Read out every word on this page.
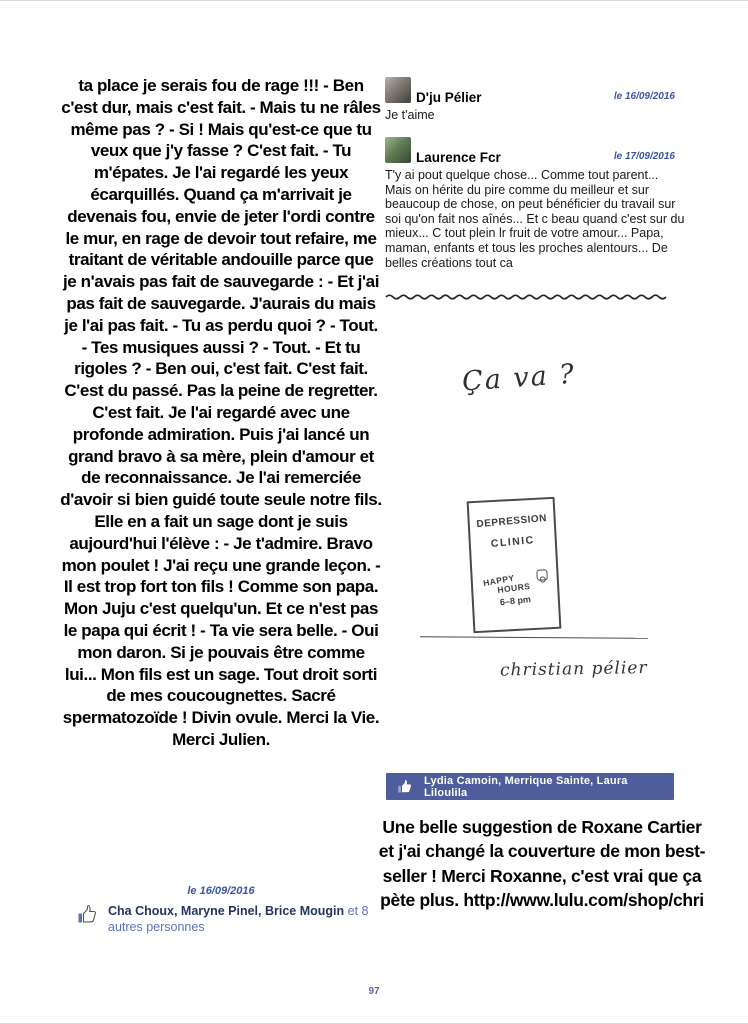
ta place je serais fou de rage !!! - Ben c'est dur, mais c'est fait. - Mais tu ne râles même pas ? - Si ! Mais qu'est-ce que tu veux que j'y fasse ? C'est fait. - Tu m'épates. Je l'ai regardé les yeux écarquillés. Quand ça m'arrivait je devenais fou, envie de jeter l'ordi contre le mur, en rage de devoir tout refaire, me traitant de véritable andouille parce que je n'avais pas fait de sauvegarde : - Et j'ai pas fait de sauvegarde. J'aurais du mais je l'ai pas fait. - Tu as perdu quoi ? - Tout. - Tes musiques aussi ? - Tout. - Et tu rigoles ? - Ben oui, c'est fait. C'est fait. C'est du passé. Pas la peine de regretter. C'est fait. Je l'ai regardé avec une profonde admiration. Puis j'ai lancé un grand bravo à sa mère, plein d'amour et de reconnaissance. Je l'ai remerciée d'avoir si bien guidé toute seule notre fils. Elle en a fait un sage dont je suis aujourd'hui l'élève : - Je t'admire. Bravo mon poulet ! J'ai reçu une grande leçon. - Il est trop fort ton fils ! Comme son papa. Mon Juju c'est quelqu'un. Et ce n'est pas le papa qui écrit ! - Ta vie sera belle. - Oui mon daron. Si je pouvais être comme lui... Mon fils est un sage. Tout droit sorti de mes coucougnettes. Sacré spermatozoïde ! Divin ovule. Merci la Vie. Merci Julien.
le 16/09/2016
Cha Choux, Maryne Pinel, Brice Mougin et 8 autres personnes
D'ju Pélier	le 16/09/2016
Je t'aime
Laurence Fcr	le 17/09/2016
T'y ai pout quelque chose... Comme tout parent... Mais on hérite du pire comme du meilleur et sur beaucoup de chose, on peut bénéficier du travail sur soi qu'on fait nos aînés... Et c beau quand c'est sur du mieux... C tout plein lr fruit de votre amour... Papa, maman, enfants et tous les proches alentours... De belles créations tout ca
Ça va ?
DEPRESSION
CLINIC
HAPPY
HOURS
6–8 pm
christian pélier
Lydia Camoin, Merrique Sainte, Laura Liloulila
Une belle suggestion de Roxane Cartier et j'ai changé la couverture de mon best-seller ! Merci Roxanne, c'est vrai que ça pète plus. http://www.lulu.com/shop/chri
97
